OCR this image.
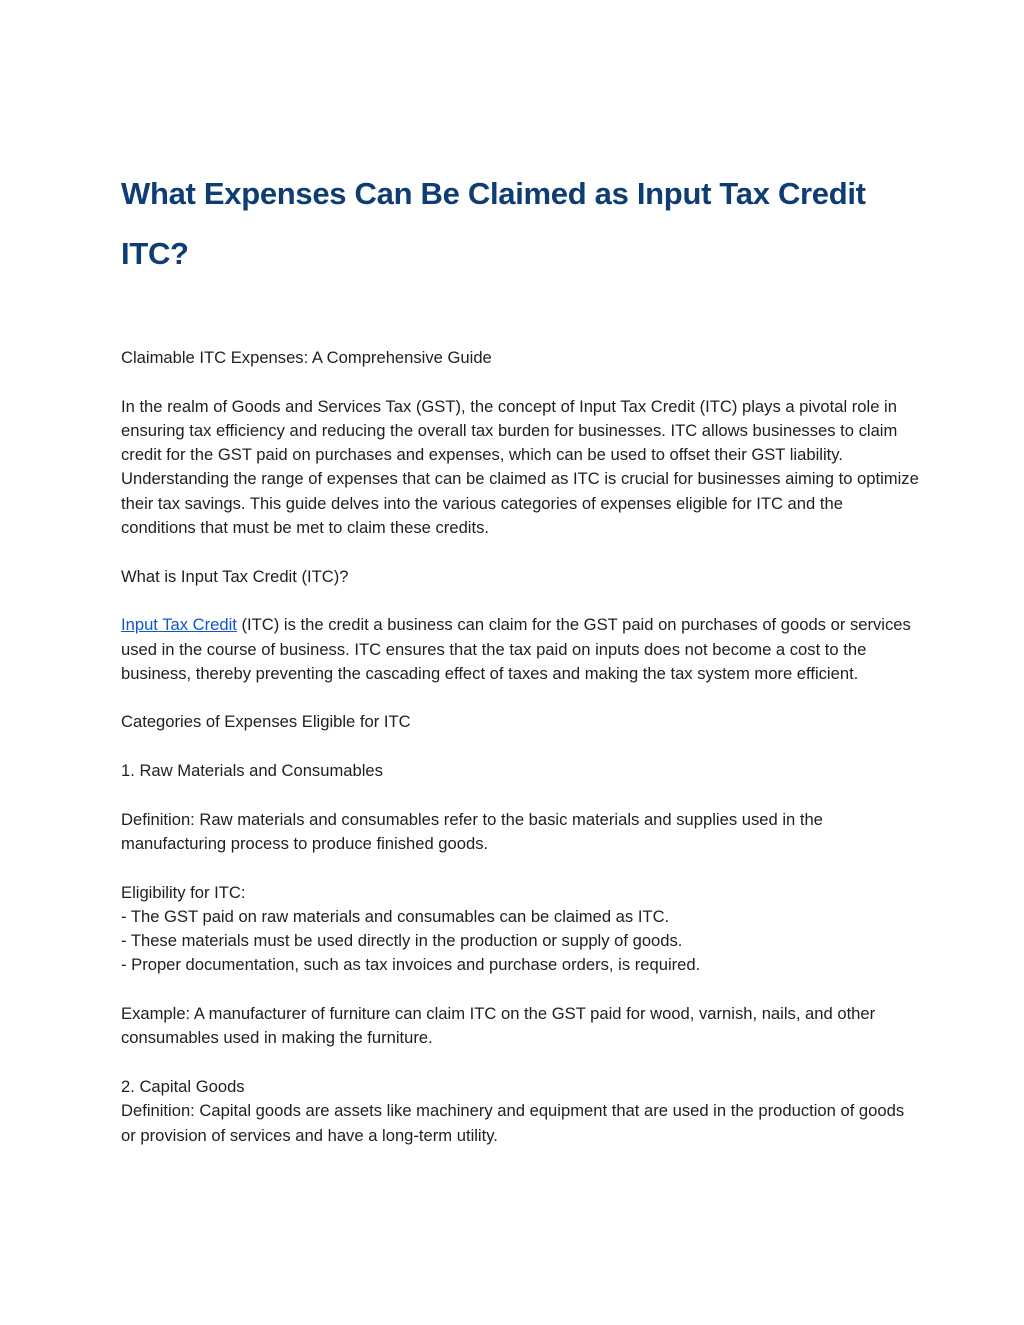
What Expenses Can Be Claimed as Input Tax Credit ITC?

Claimable ITC Expenses: A Comprehensive Guide

In the realm of Goods and Services Tax (GST), the concept of Input Tax Credit (ITC) plays a pivotal role in ensuring tax efficiency and reducing the overall tax burden for businesses. ITC allows businesses to claim credit for the GST paid on purchases and expenses, which can be used to offset their GST liability. Understanding the range of expenses that can be claimed as ITC is crucial for businesses aiming to optimize their tax savings. This guide delves into the various categories of expenses eligible for ITC and the conditions that must be met to claim these credits.

What is Input Tax Credit (ITC)?

Input Tax Credit (ITC) is the credit a business can claim for the GST paid on purchases of goods or services used in the course of business. ITC ensures that the tax paid on inputs does not become a cost to the business, thereby preventing the cascading effect of taxes and making the tax system more efficient.

Categories of Expenses Eligible for ITC

1. Raw Materials and Consumables

Definition: Raw materials and consumables refer to the basic materials and supplies used in the manufacturing process to produce finished goods.

Eligibility for ITC:
- The GST paid on raw materials and consumables can be claimed as ITC.
- These materials must be used directly in the production or supply of goods.
- Proper documentation, such as tax invoices and purchase orders, is required.

Example: A manufacturer of furniture can claim ITC on the GST paid for wood, varnish, nails, and other consumables used in making the furniture.

2. Capital Goods

Definition: Capital goods are assets like machinery and equipment that are used in the production of goods or provision of services and have a long-term utility.
